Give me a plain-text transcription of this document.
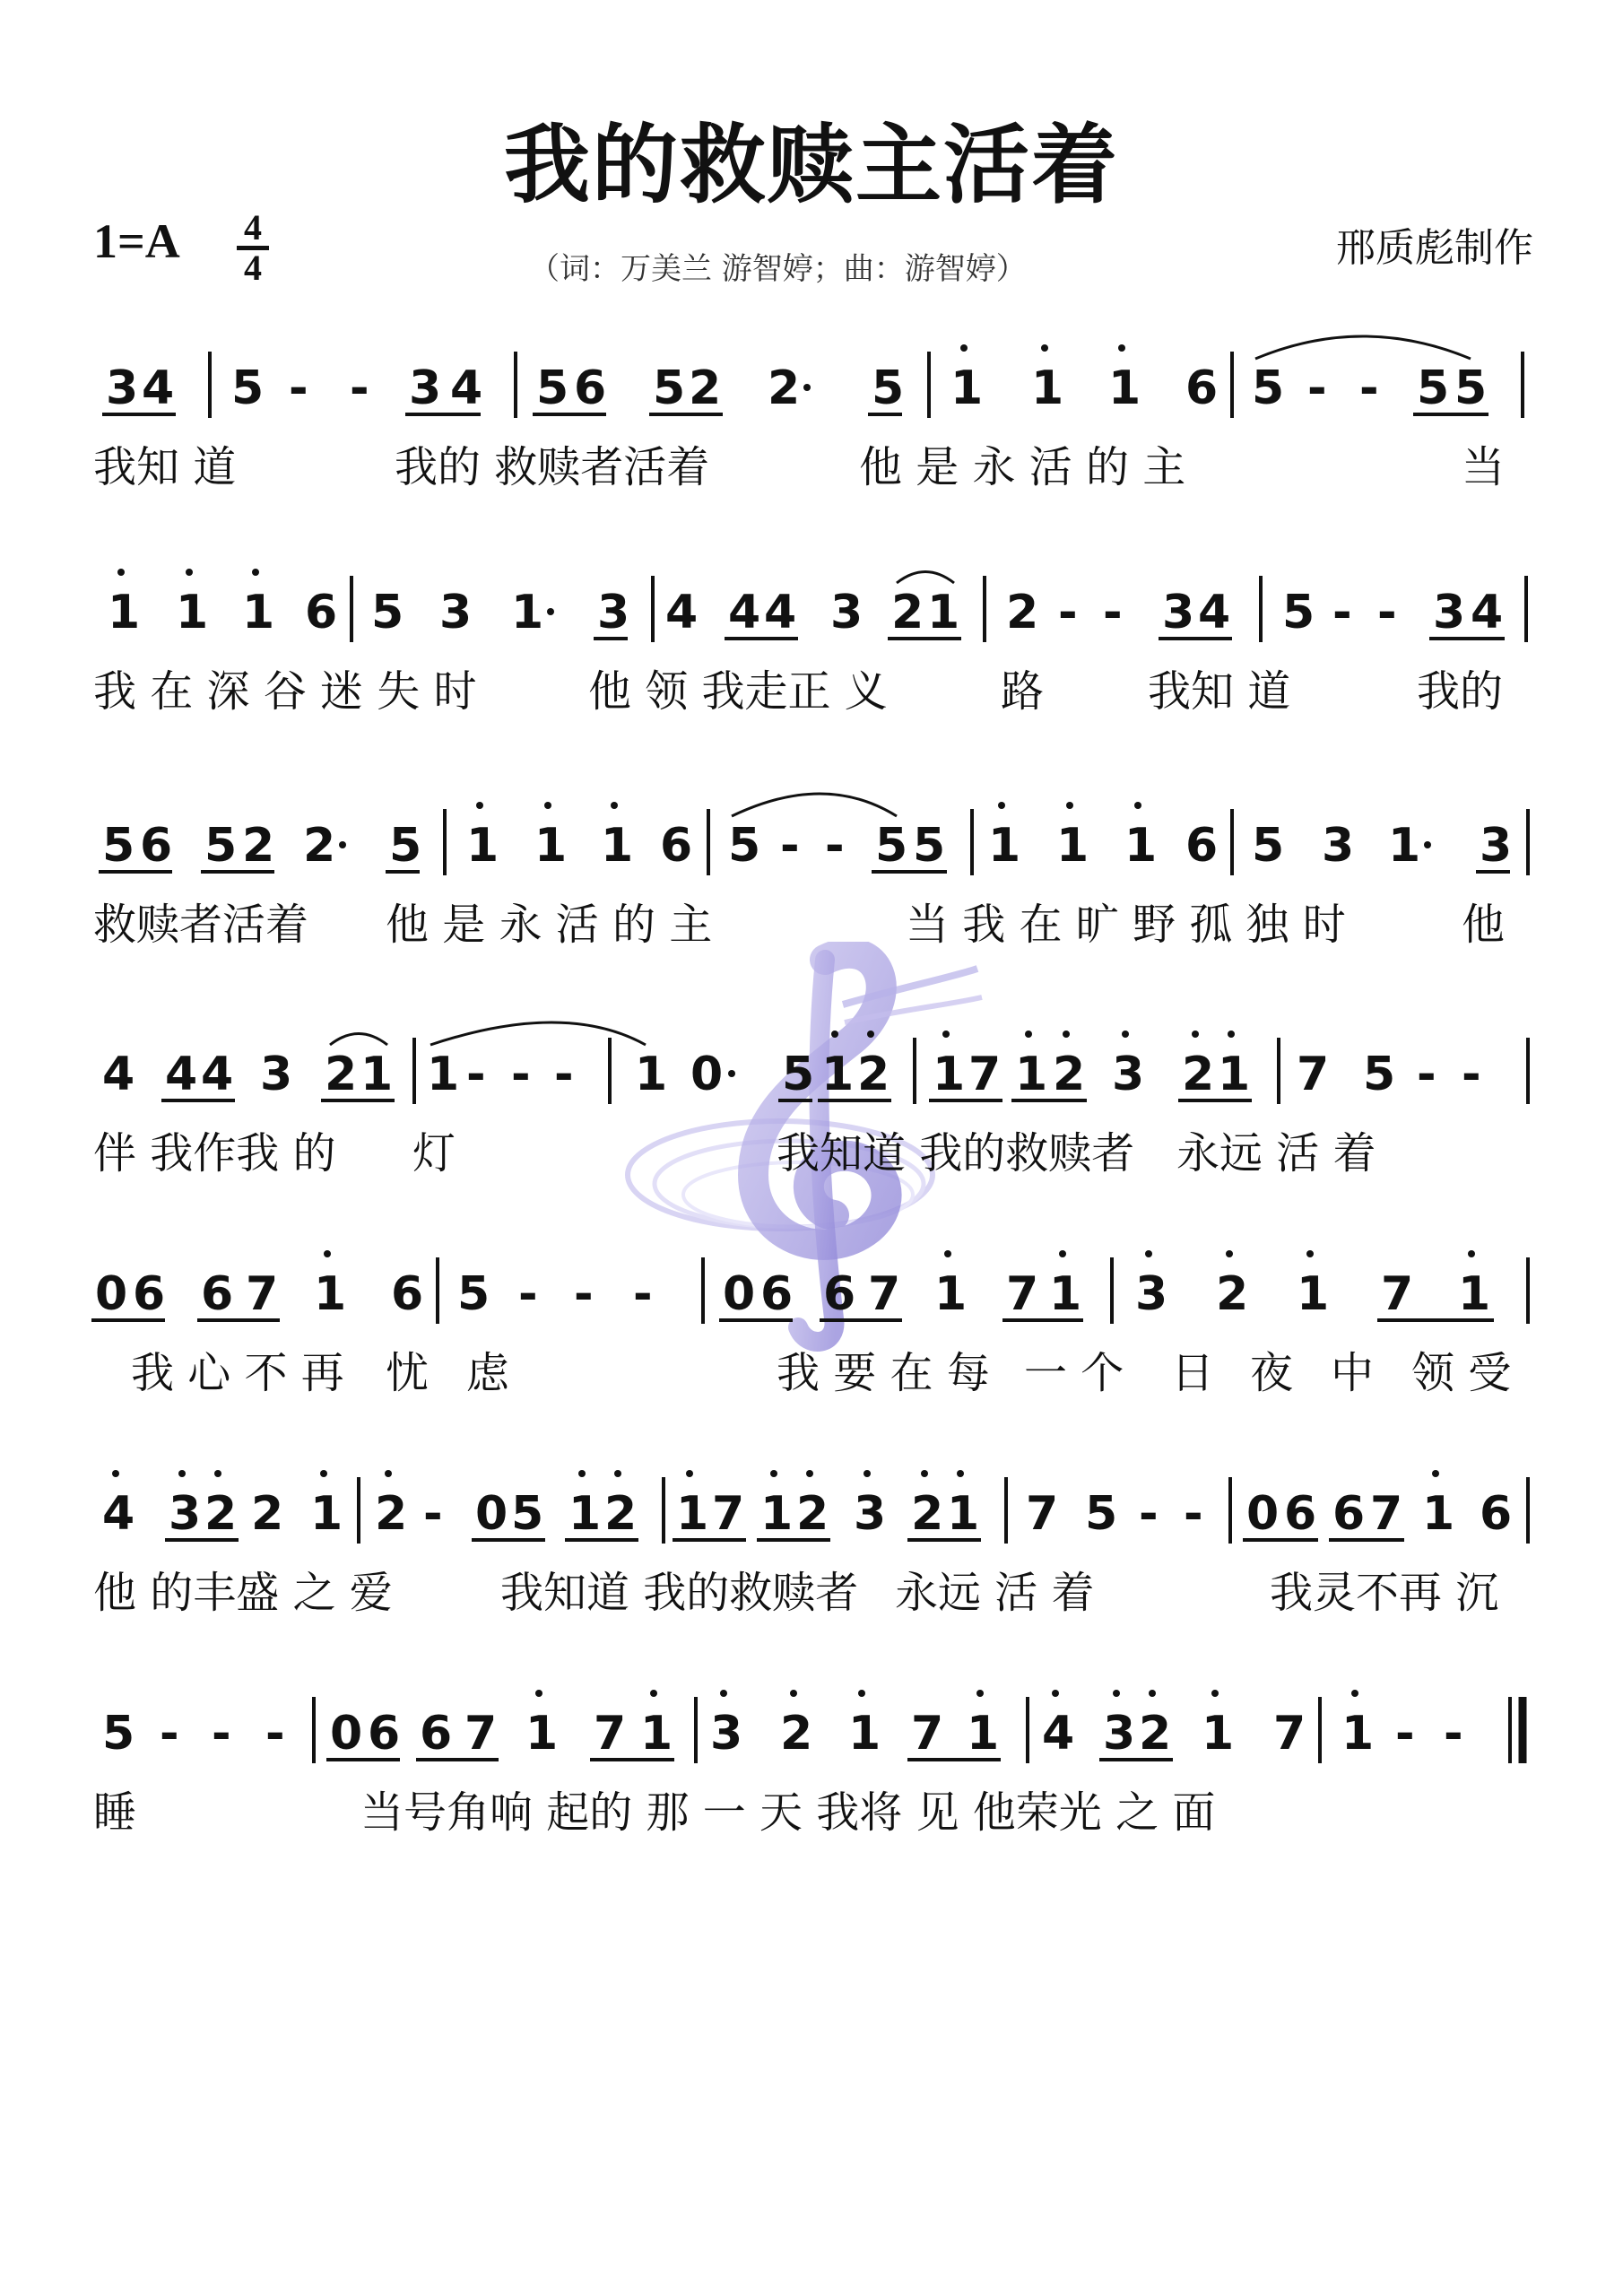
我的救赎主活着
1=A 4
4	（词：万美兰 游智婷；曲：游智婷）	邢质彪制作
3 4 5 - - 3 4 5 6 5 2 2 5 1 1 1 6 5 - - 5 5
我知 道	我的 救赎者活着	他 是 永 活 的 主	当
1 1 1 6 5 3 1 3 4 4 4 3 2 1 2 - - 3 4 5 - - 3 4
我 在 深 谷 迷 失 时	他 领 我走正 义	路 我知 道	我的
5 6 5 2 2 5 1 1 1 6 5 - - 5 5 1 1 1 6 5 3 1 3
救赎者活着 他 是 永 活 的 主	当 我 在 旷 野 孤 独 时	他
4 4 4 3 2 1 1 - - - 1 0 5 1 2 1 7 1 2 3 2 1 7 5 - -
伴 我作我 的 灯	我知道 我的救赎者 永远 活 着
0 6 6 7 1 6 5 - - - 0 6 6 7 1 7 1 3 2 1 7 1
我 心 不 再 忧 虑	我 要 在 每 一 个 日 夜 中 领 受
4 3 2 2 1 2 - 0 5 1 2 1 7 1 2 3 2 1 7 5 - - 0 6 6 7 1 6
他 的丰盛 之 爱	我知道 我的救赎者 永远 活 着	我灵不再 沉
5 - - - 0 6 6 7 1 7 1 3 2 1 7 1 4 3 2 1 7 1 - -
睡	当号角响 起的 那 一 天 我将 见 他荣光 之 面
